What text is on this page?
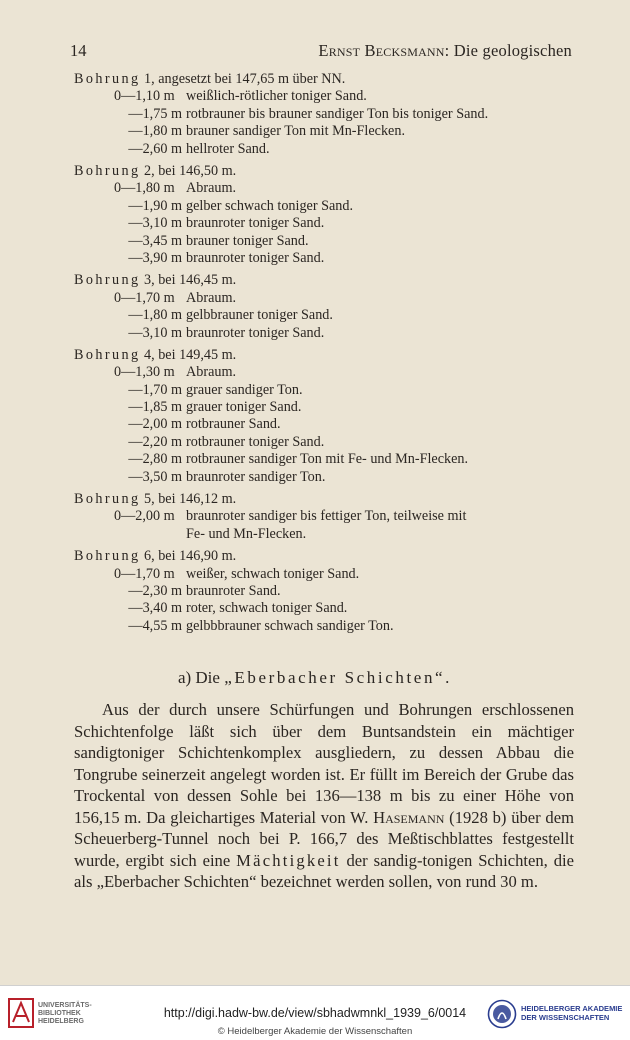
14	Ernst Becksmann: Die geologischen
Bohrung 1, angesetzt bei 147,65 m über NN.
0—1,10 m weißlich-rötlicher toniger Sand.
—1,75 m rotbrauner bis brauner sandiger Ton bis toniger Sand.
—1,80 m brauner sandiger Ton mit Mn-Flecken.
—2,60 m hellroter Sand.
Bohrung 2, bei 146,50 m.
0—1,80 m Abraum.
—1,90 m gelber schwach toniger Sand.
—3,10 m braunroter toniger Sand.
—3,45 m brauner toniger Sand.
—3,90 m braunroter toniger Sand.
Bohrung 3, bei 146,45 m.
0—1,70 m Abraum.
—1,80 m gelbbrauner toniger Sand.
—3,10 m braunroter toniger Sand.
Bohrung 4, bei 149,45 m.
0—1,30 m Abraum.
—1,70 m grauer sandiger Ton.
—1,85 m grauer toniger Sand.
—2,00 m rotbrauner Sand.
—2,20 m rotbrauner toniger Sand.
—2,80 m rotbrauner sandiger Ton mit Fe- und Mn-Flecken.
—3,50 m braunroter sandiger Ton.
Bohrung 5, bei 146,12 m.
0—2,00 m braunroter sandiger bis fettiger Ton, teilweise mit
Fe- und Mn-Flecken.
Bohrung 6, bei 146,90 m.
0—1,70 m weißer, schwach toniger Sand.
—2,30 m braunroter Sand.
—3,40 m roter, schwach toniger Sand.
—4,55 m gelbbbrauner schwach sandiger Ton.
a) Die „Eberbacher Schichten“.
Aus der durch unsere Schürfungen und Bohrungen erschlossenen Schichtenfolge läßt sich über dem Buntsandstein ein mächtiger sandigtoniger Schichtenkomplex ausgliedern, zu dessen Abbau die Tongrube seinerzeit angelegt worden ist. Er füllt im Bereich der Grube das Trockental von dessen Sohle bei 136—138 m bis zu einer Höhe von 156,15 m. Da gleichartiges Material von W. Hasemann (1928 b) über dem Scheuerberg-Tunnel noch bei P. 166,7 des Meßtischblattes festgestellt wurde, ergibt sich eine Mächtigkeit der sandig-tonigen Schichten, die als „Eberbacher Schichten“ bezeichnet werden sollen, von rund 30 m.
UNIVERSITÄTS-
BIBLIOTHEK
HEIDELBERG
http://digi.hadw-bw.de/view/sbhadwmnkl_1939_6/0014
© Heidelberger Akademie der Wissenschaften
HEIDELBERGER AKADEMIE
DER WISSENSCHAFTEN
